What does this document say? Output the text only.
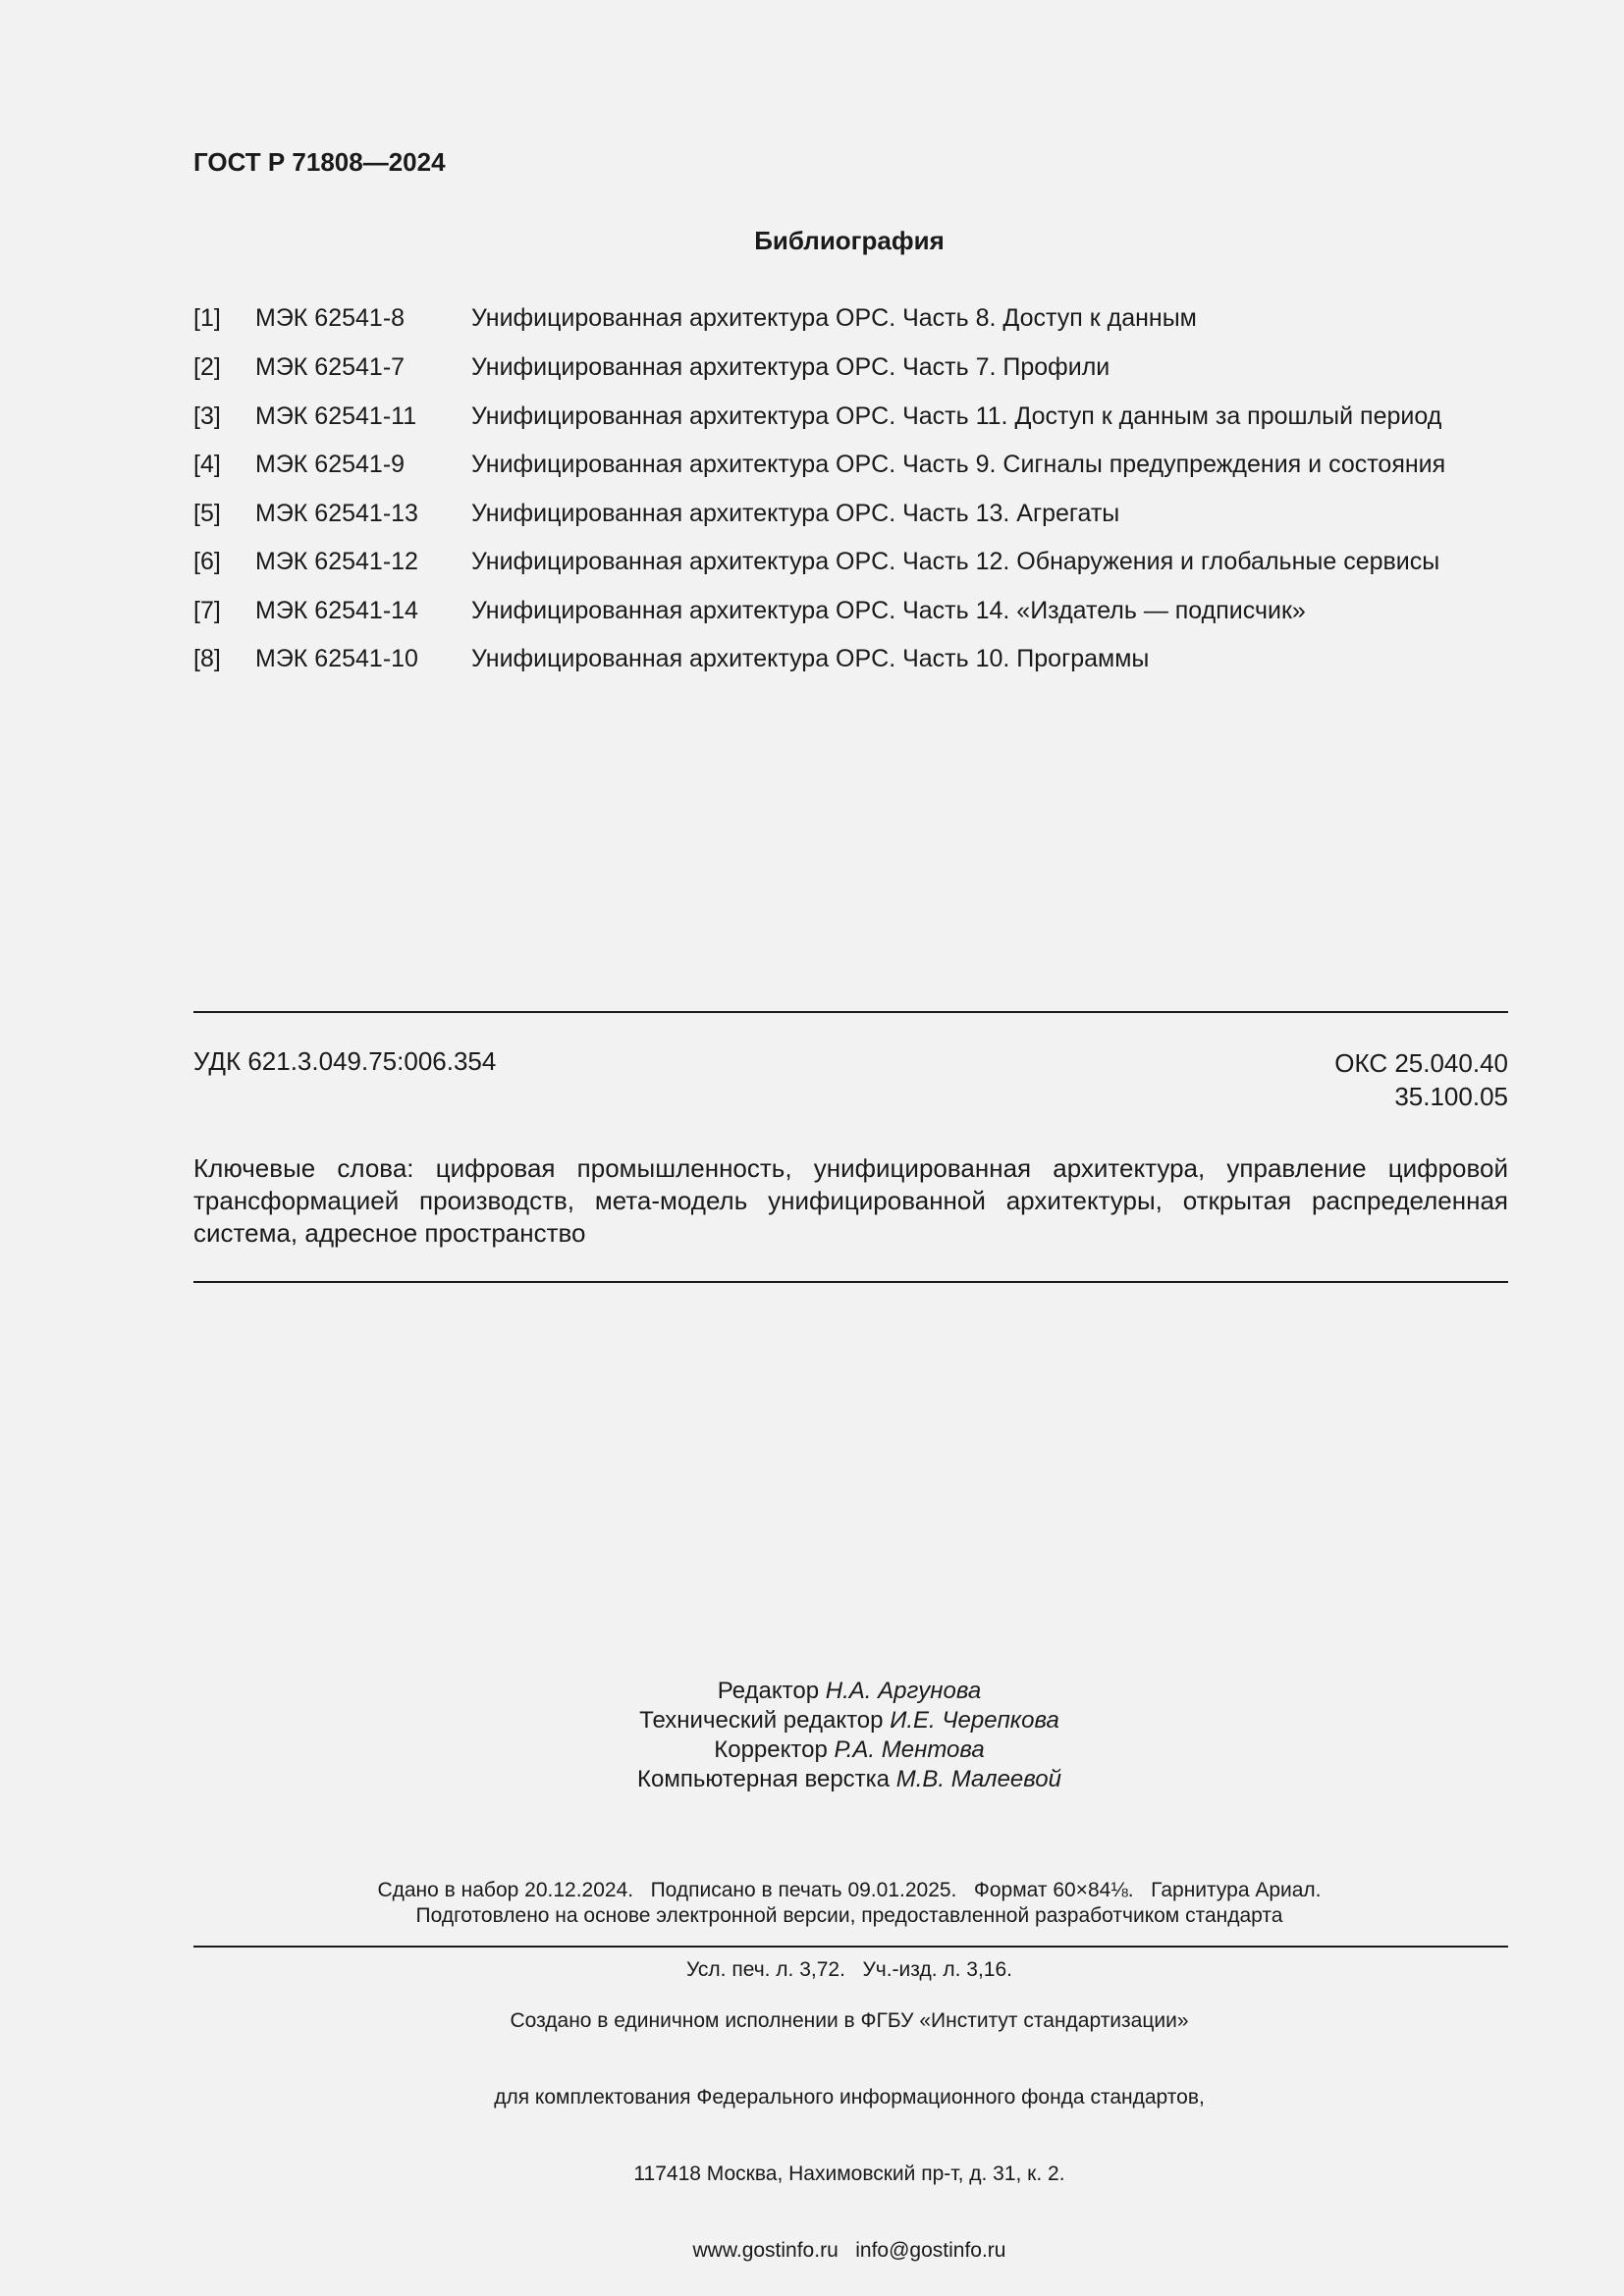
ГОСТ Р 71808—2024
Библиография
[1] МЭК 62541-8	Унифицированная архитектура OPC. Часть 8. Доступ к данным
[2] МЭК 62541-7	Унифицированная архитектура OPC. Часть 7. Профили
[3] МЭК 62541-11 Унифицированная архитектура OPC. Часть 11. Доступ к данным за прошлый период
[4] МЭК 62541-9	Унифицированная архитектура OPC. Часть 9. Сигналы предупреждения и состояния
[5] МЭК 62541-13 Унифицированная архитектура OPC. Часть 13. Агрегаты
[6] МЭК 62541-12 Унифицированная архитектура OPC. Часть 12. Обнаружения и глобальные сервисы
[7] МЭК 62541-14 Унифицированная архитектура OPC. Часть 14. «Издатель — подписчик»
[8] МЭК 62541-10 Унифицированная архитектура OPC. Часть 10. Программы
УДК 621.3.049.75:006.354	ОКС 25.040.40
35.100.05
Ключевые слова: цифровая промышленность, унифицированная архитектура, управление цифровой трансформацией производств, мета-модель унифицированной архитектуры, открытая распределенная система, адресное пространство
Редактор Н.А. Аргунова
Технический редактор И.Е. Черепкова
Корректор Р.А. Ментова
Компьютерная верстка М.В. Малеевой

Сдано в набор 20.12.2024.   Подписано в печать 09.01.2025.   Формат 60×84⅛.   Гарнитура Ариал.

Усл. печ. л. 3,72.   Уч.-изд. л. 3,16.

Подготовлено на основе электронной версии, предоставленной разработчиком стандарта

Создано в единичном исполнении в ФГБУ «Институт стандартизации»

для комплектования Федерального информационного фонда стандартов,

117418 Москва, Нахимовский пр-т, д. 31, к. 2.

www.gostinfo.ru   info@gostinfo.ru
